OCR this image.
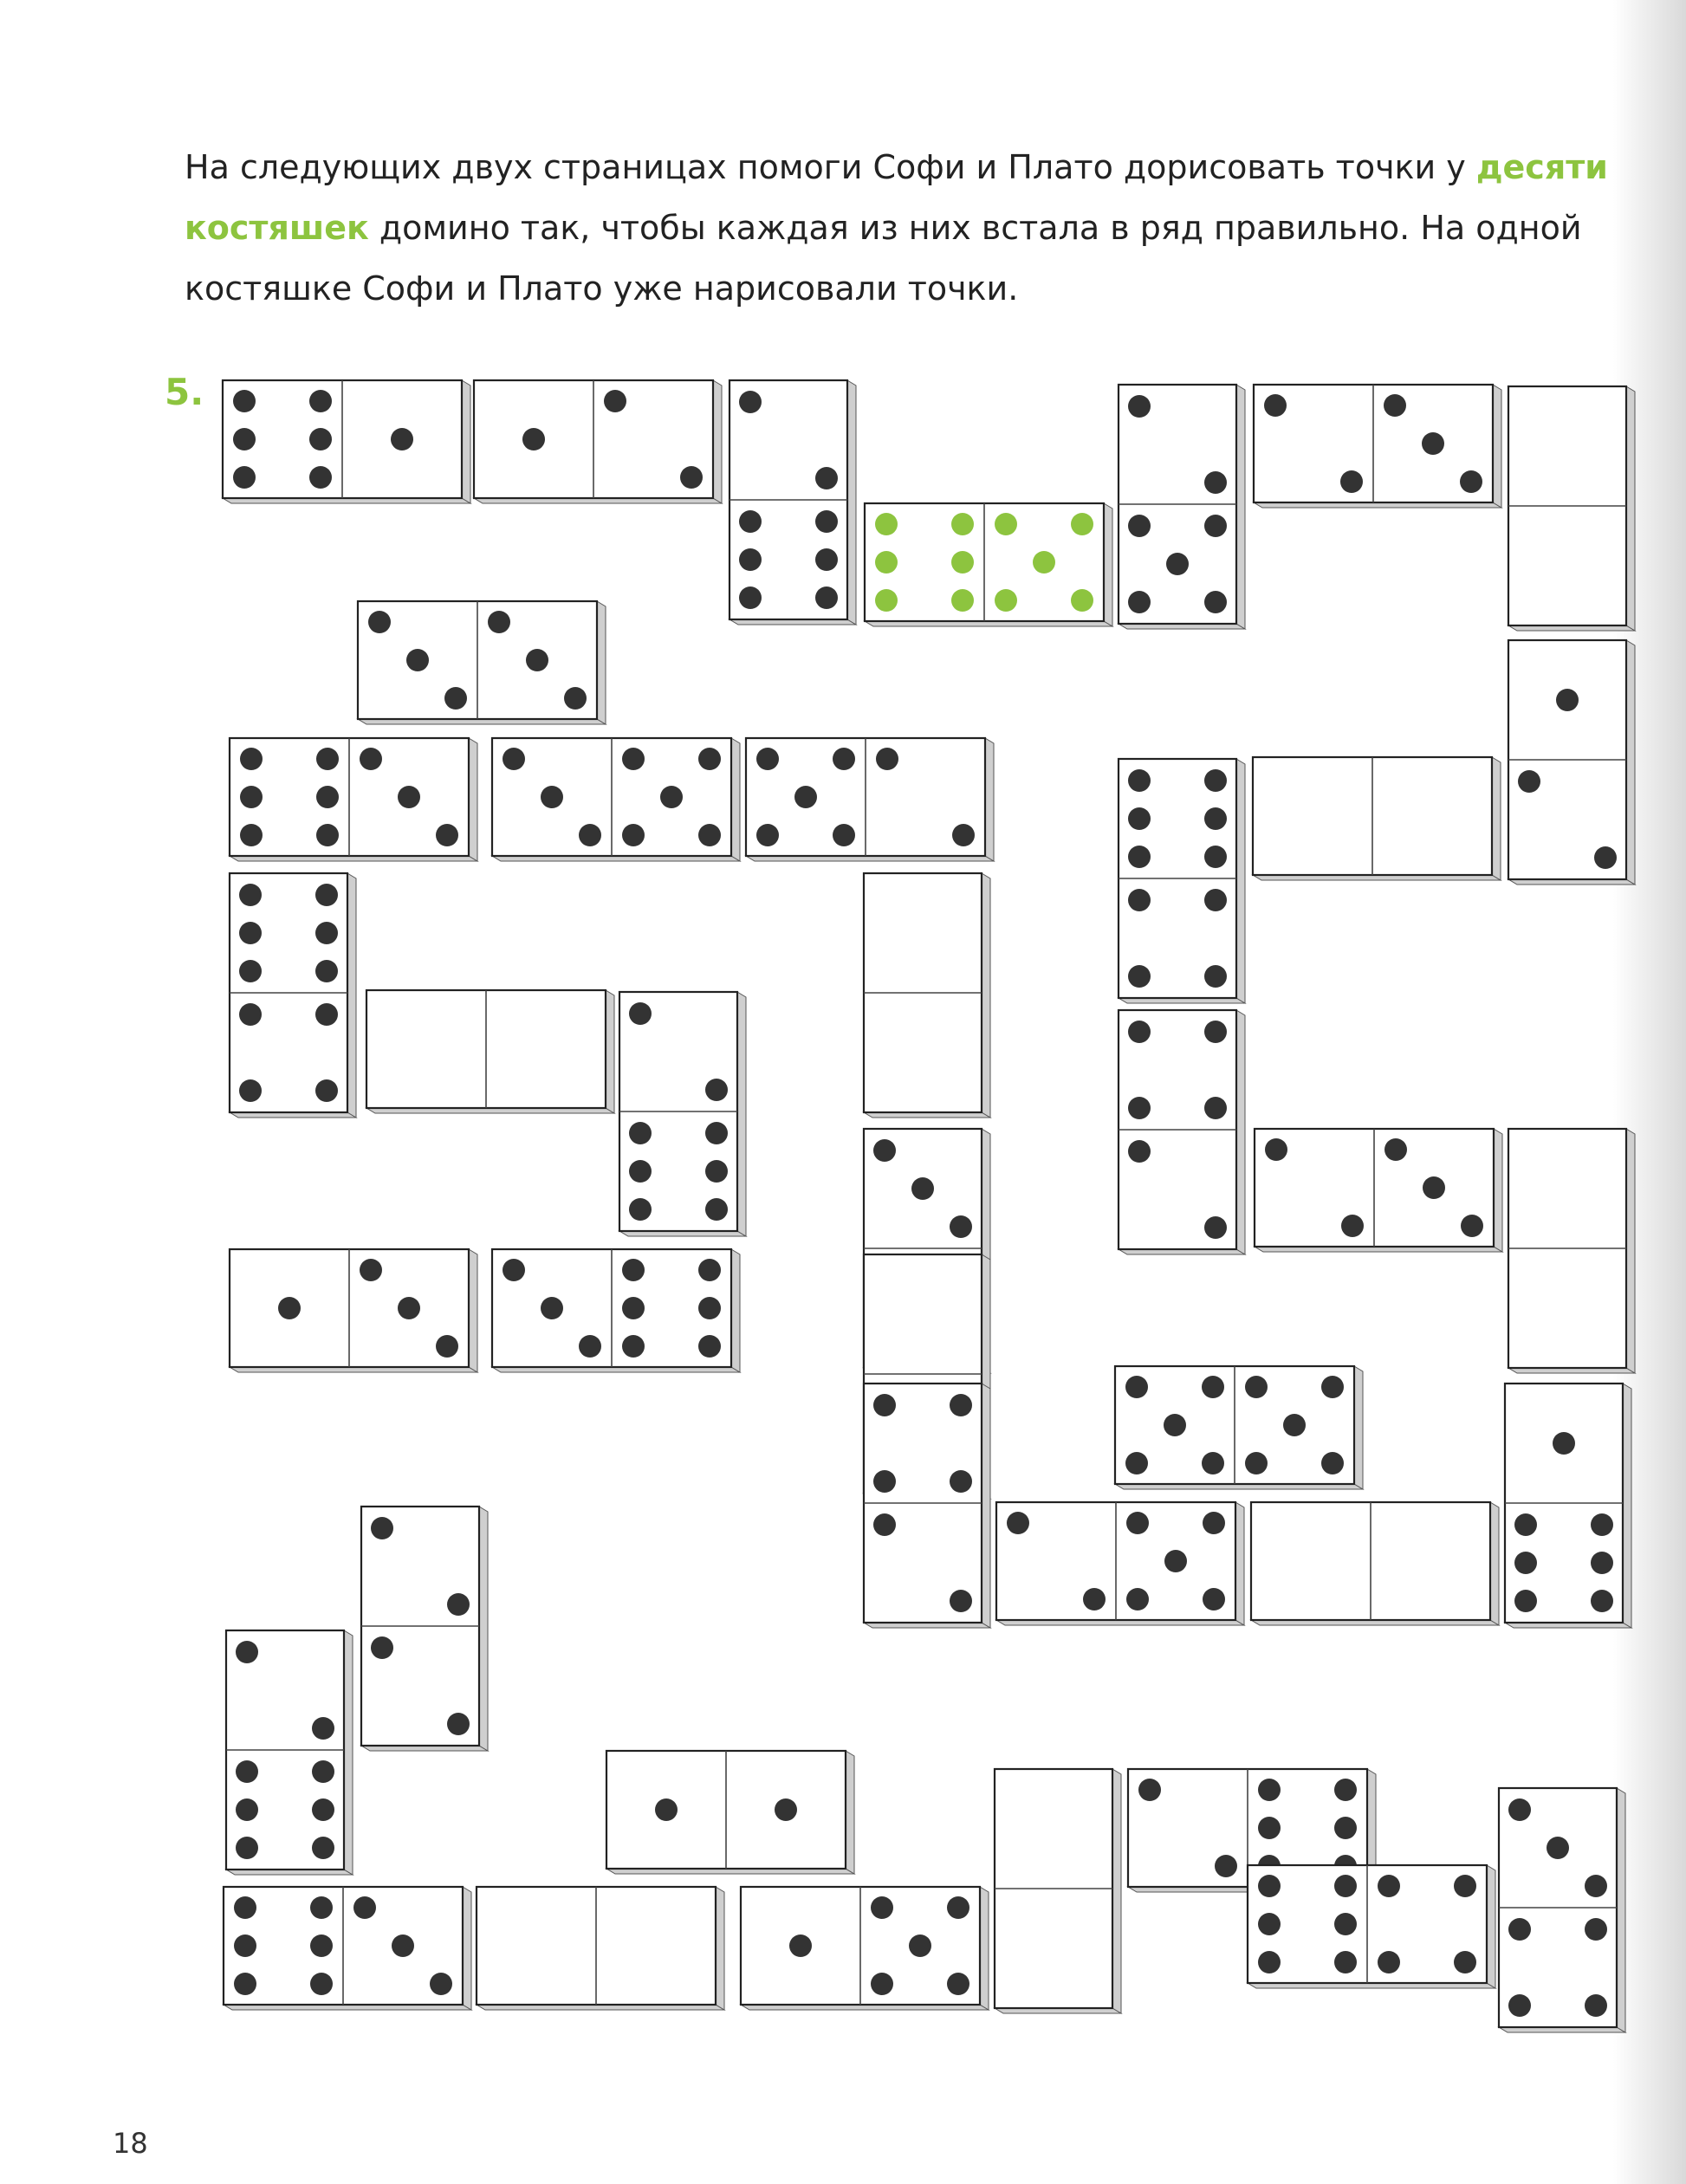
На следующих двух страницах помоги Софи и Плато дорисовать точки у десяти костяшек домино так, чтобы каждая из них встала в ряд правильно. На одной костяшке Софи и Плато уже нарисовали точки.

5.
18
